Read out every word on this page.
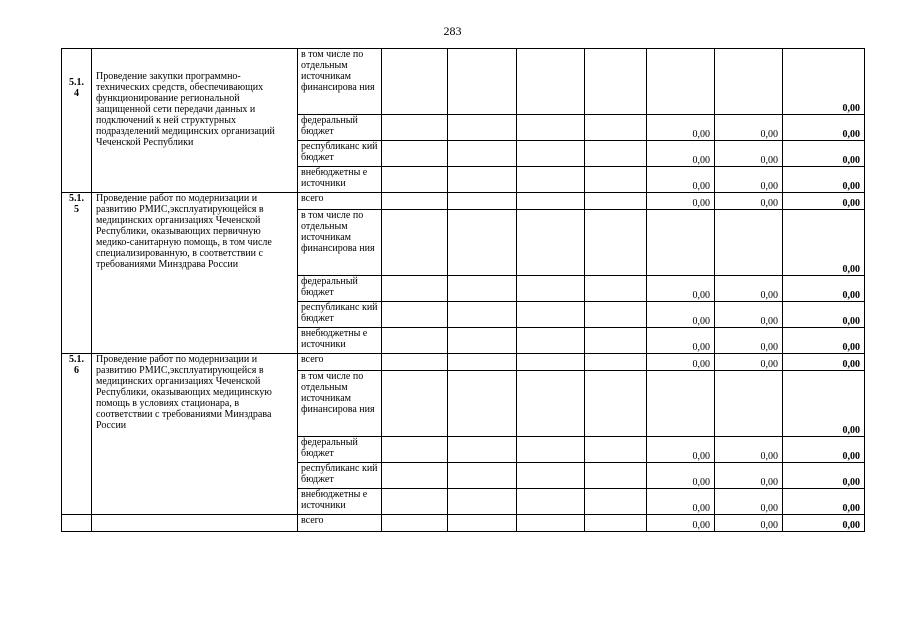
283
5.1.
4	Проведение закупки программно-технических средств, обеспечивающих функционирование региональной защищенной сети передачи данных и подключений к ней структурных подразделений медицинских организаций Чеченской Республики	в том числе по отдельным источникам финансирова ния							0,00
		федеральный бюджет					0,00	0,00	0,00
		республиканс кий бюджет					0,00	0,00	0,00
		внебюджетны е источники					0,00	0,00	0,00
5.1.
5	Проведение работ по модернизации и развитию РМИС,эксплуатирующейся в медицинских организациях Чеченской Республики, оказывающих первичную медико-санитарную помощь, в том числе специализированную, в соответствии с требованиями Минздрава России	всего					0,00	0,00	0,00
		в том числе по отдельным источникам финансирова ния							0,00
		федеральный бюджет					0,00	0,00	0,00
		республиканс кий бюджет					0,00	0,00	0,00
		внебюджетны е источники					0,00	0,00	0,00
5.1.
6	Проведение работ по модернизации и развитию РМИС,эксплуатирующейся в медицинских организациях Чеченской Республики, оказывающих медицинскую помощь в условиях стационара, в соответствии с требованиями Минздрава России	всего					0,00	0,00	0,00
		в том числе по отдельным источникам финансирова ния							0,00
		федеральный бюджет					0,00	0,00	0,00
		республиканс кий бюджет					0,00	0,00	0,00
		внебюджетны е источники					0,00	0,00	0,00
		всего					0,00	0,00	0,00
